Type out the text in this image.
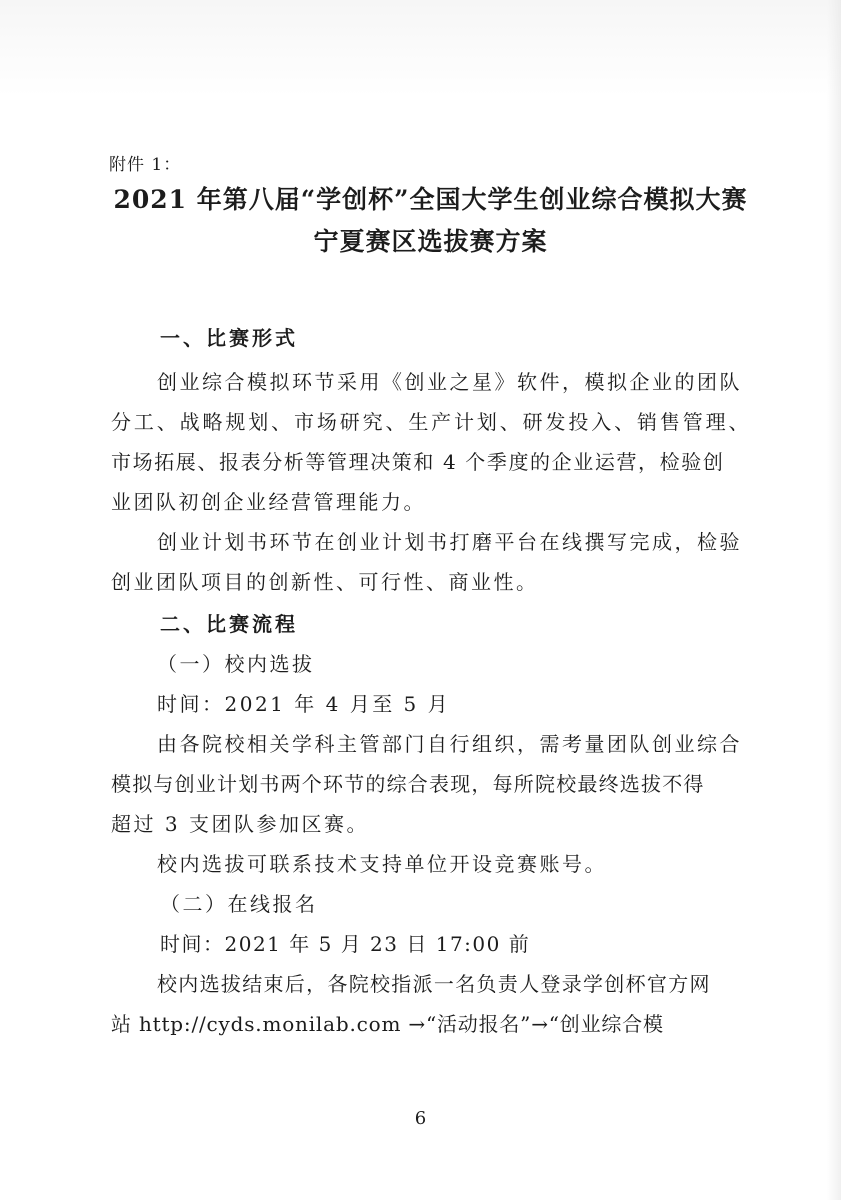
附件 1：
2021 年第八届“学创杯”全国大学生创业综合模拟大赛
宁夏赛区选拔赛方案
一、比赛形式
创业综合模拟环节采用《创业之星》软件，模拟企业的团队
分工、战略规划、市场研究、生产计划、研发投入、销售管理、
市场拓展、报表分析等管理决策和 4 个季度的企业运营，检验创
业团队初创企业经营管理能力。
创业计划书环节在创业计划书打磨平台在线撰写完成，检验
创业团队项目的创新性、可行性、商业性。
二、比赛流程
（一）校内选拔
时间：2021 年 4 月至 5 月
由各院校相关学科主管部门自行组织，需考量团队创业综合
模拟与创业计划书两个环节的综合表现，每所院校最终选拔不得
超过 3 支团队参加区赛。
校内选拔可联系技术支持单位开设竞赛账号。
（二）在线报名
时间：2021 年 5 月 23 日 17:00 前
校内选拔结束后，各院校指派一名负责人登录学创杯官方网
站 http://cyds.monilab.com →“活动报名”→“创业综合模
6
